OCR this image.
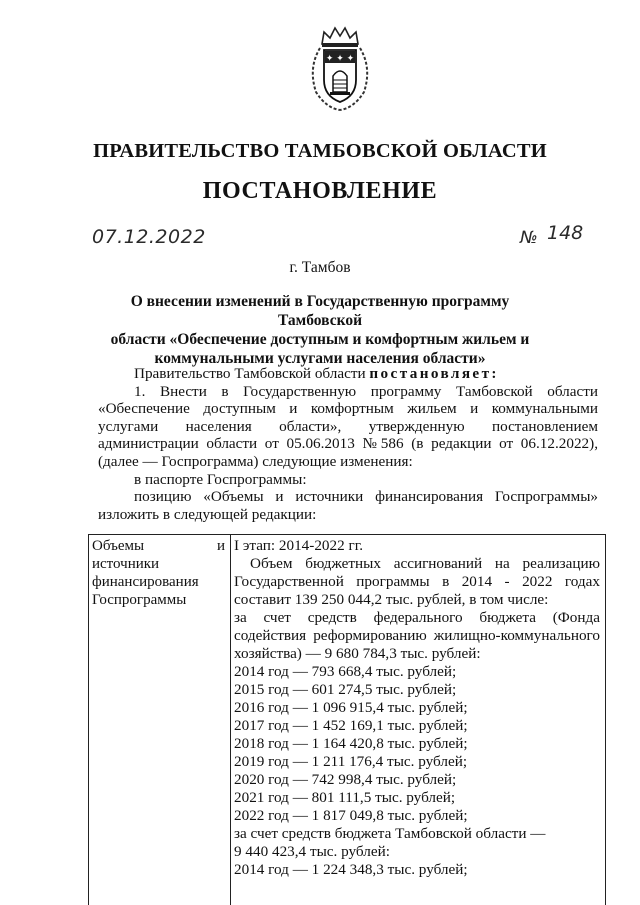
✦ ✦ ✦
ПРАВИТЕЛЬСТВО ТАМБОВСКОЙ ОБЛАСТИ
ПОСТАНОВЛЕНИЕ
07.12.2022	№ 148
г. Тамбов
О внесении изменений в Государственную программу Тамбовской
области «Обеспечение доступным и комфортным жильем и
коммунальными услугами населения области»

Правительство Тамбовской области постановляет:

1. Внести в Государственную программу Тамбовской области

«Обеспечение доступным и комфортным жильем и коммунальными услугами населения области», утвержденную постановлением администрации области от 05.06.2013 №586 (в редакции от 06.12.2022), (далее — Госпрограмма) следующие изменения:

в паспорте Госпрограммы:

позицию «Объемы и источники финансирования Госпрограммы»

изложить в следующей редакции:

и
Объемы
источники
финансирования
Госпрограммы

I этап: 2014-2022 гг.

Объем бюджетных ассигнований на реализацию Государственной программы в 2014 - 2022 годах составит 139 250 044,2 тыс. рублей, в том числе:

за счет средств федерального бюджета (Фонда содействия реформированию жилищно-коммунального хозяйства) — 9 680 784,3 тыс. рублей:

2014 год — 793 668,4 тыс. рублей;

2015 год — 601 274,5 тыс. рублей;

2016 год — 1 096 915,4 тыс. рублей;

2017 год — 1 452 169,1 тыс. рублей;

2018 год — 1 164 420,8 тыс. рублей;

2019 год — 1 211 176,4 тыс. рублей;

2020 год — 742 998,4 тыс. рублей;

2021 год — 801 111,5 тыс. рублей;

2022 год — 1 817 049,8 тыс. рублей;

за счет средств бюджета Тамбовской области —

9 440 423,4 тыс. рублей:

2014 год — 1 224 348,3 тыс. рублей;
